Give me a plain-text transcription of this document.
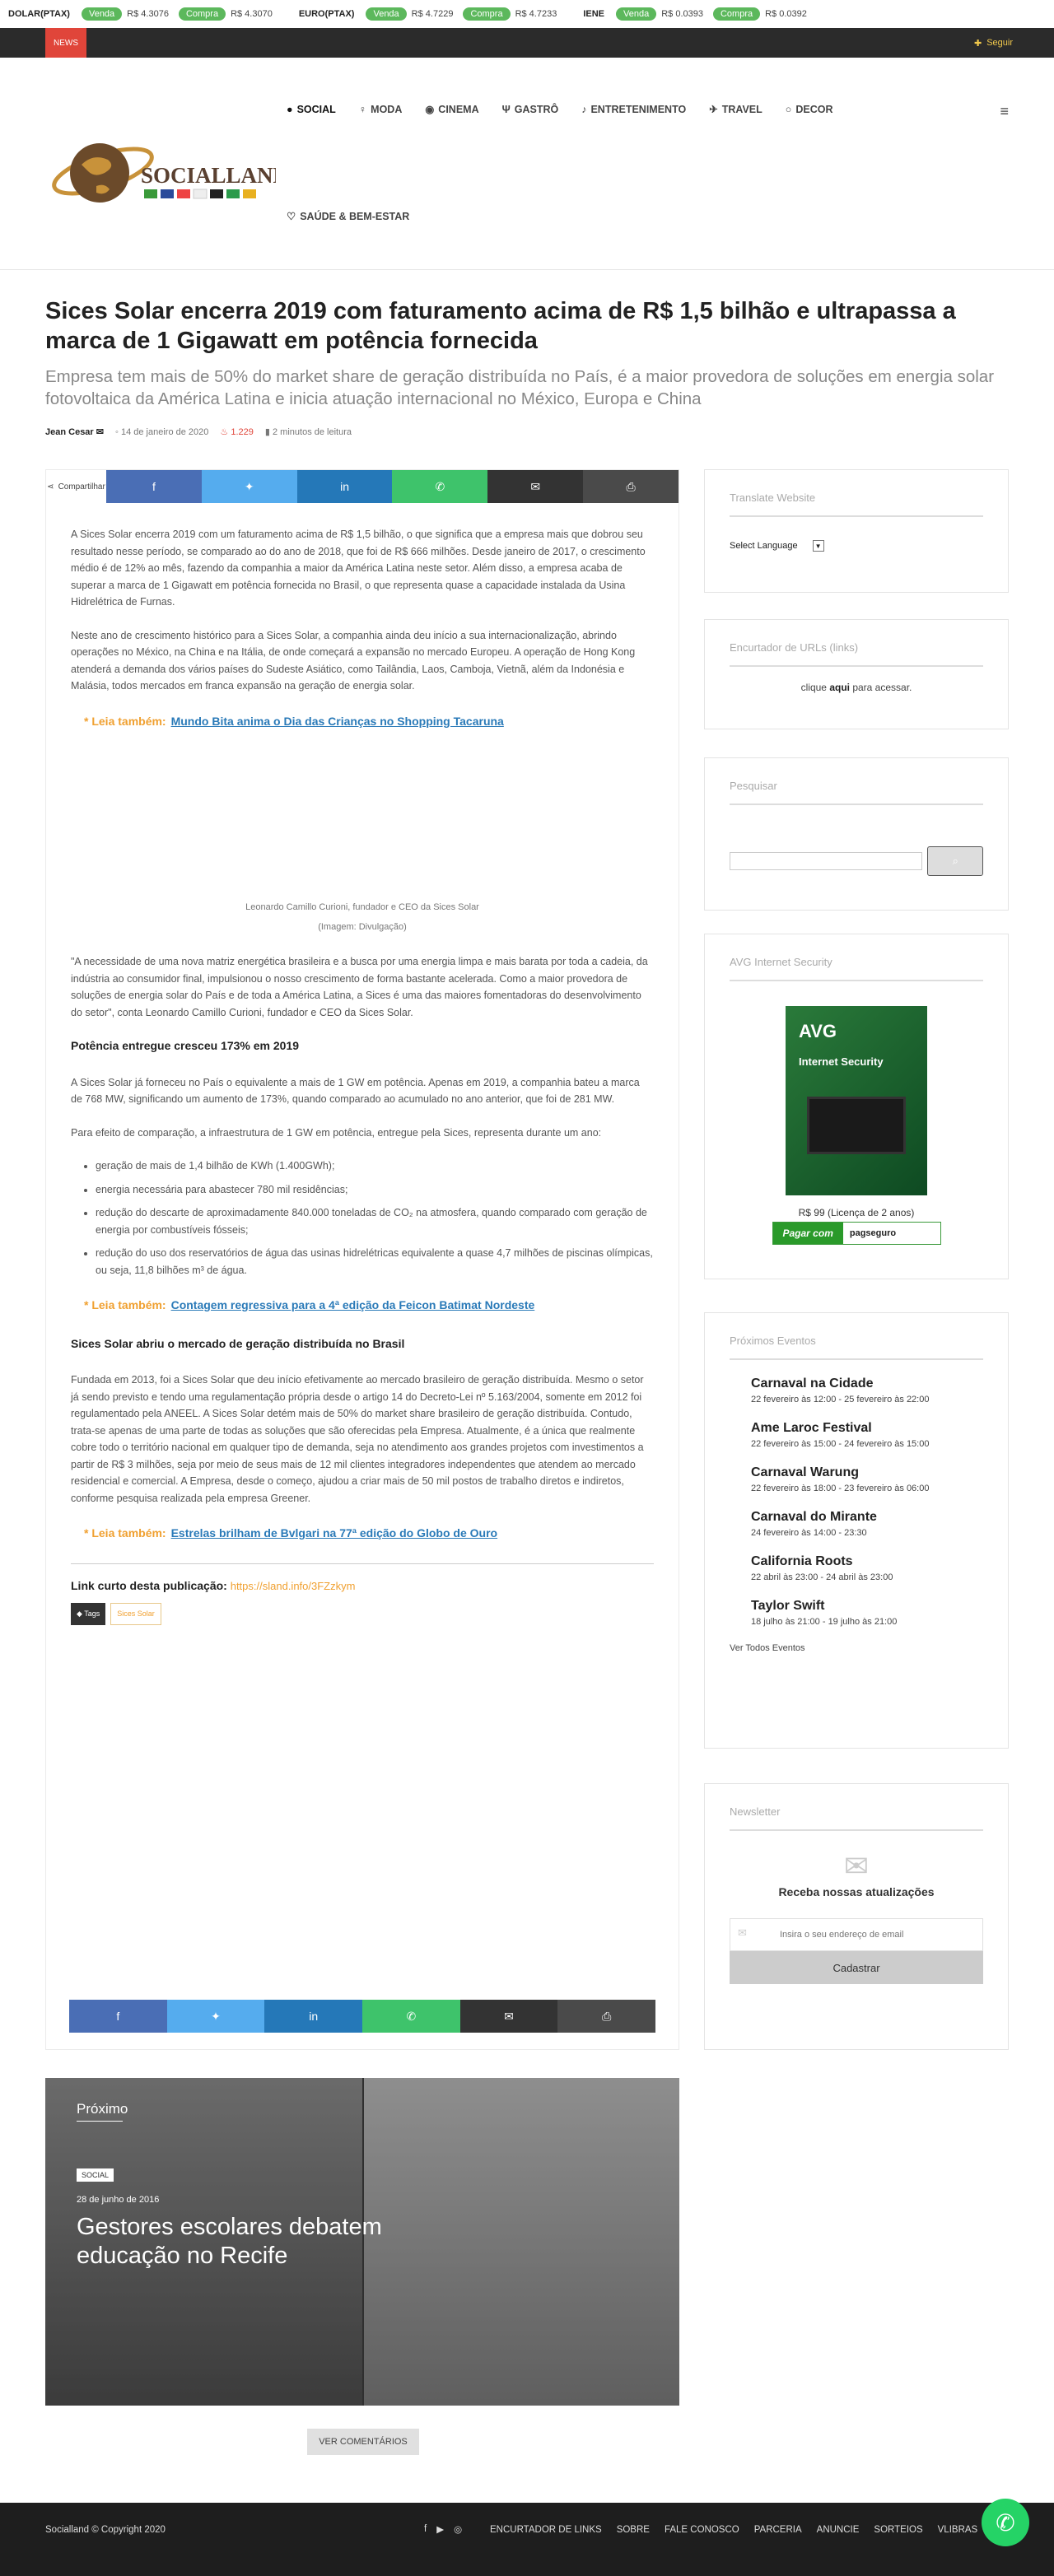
DOLAR(PTAX)	Venda	R$ 4.3076	Compra	R$ 4.3070	EURO(PTAX)	Venda	R$ 4.7229	Compra	R$ 4.7233	IENE	Venda	R$ 0.0393	Compra	R$ 0.0392
NEWS	✚ Seguir
SOCIALLAND
● SOCIAL ♀ MODA ◉ CINEMA Ψ GASTRÔ ♪ ENTRETENIMENTO ✈ TRAVEL ○ DECOR
♡ SAÚDE & BEM-ESTAR
≡
Sices Solar encerra 2019 com faturamento acima de R$ 1,5 bilhão e ultrapassa a marca de 1 Gigawatt em potência fornecida
Empresa tem mais de 50% do market share de geração distribuída no País, é a maior provedora de soluções em energia solar fotovoltaica da América Latina e inicia atuação internacional no México, Europa e China
Jean Cesar ✉ ◦ 14 de janeiro de 2020 ♨ 1.229 ▮ 2 minutos de leitura
⋖ Compartilhar	f	✦	in	✆	✉	⎙

A Sices Solar encerra 2019 com um faturamento acima de R$ 1,5 bilhão, o que significa que a empresa mais que dobrou seu resultado nesse período, se comparado ao do ano de 2018, que foi de R$ 666 milhões. Desde janeiro de 2017, o crescimento médio é de 12% ao mês, fazendo da companhia a maior da América Latina neste setor. Além disso, a empresa acaba de superar a marca de 1 Gigawatt em potência fornecida no Brasil, o que representa quase a capacidade instalada da Usina Hidrelétrica de Furnas.

Neste ano de crescimento histórico para a Sices Solar, a companhia ainda deu início a sua internacionalização, abrindo operações no México, na China e na Itália, de onde começará a expansão no mercado Europeu. A operação de Hong Kong atenderá a demanda dos vários países do Sudeste Asiático, como Tailândia, Laos, Camboja, Vietnã, além da Indonésia e Malásia, todos mercados em franca expansão na geração de energia solar.

* Leia também: Mundo Bita anima o Dia das Crianças no Shopping Tacaruna
Leonardo Camillo Curioni, fundador e CEO da Sices Solar
(Imagem: Divulgação)

"A necessidade de uma nova matriz energética brasileira e a busca por uma energia limpa e mais barata por toda a cadeia, da indústria ao consumidor final, impulsionou o nosso crescimento de forma bastante acelerada. Como a maior provedora de soluções de energia solar do País e de toda a América Latina, a Sices é uma das maiores fomentadoras do desenvolvimento do setor", conta Leonardo Camillo Curioni, fundador e CEO da Sices Solar.

Potência entregue cresceu 173% em 2019

A Sices Solar já forneceu no País o equivalente a mais de 1 GW em potência. Apenas em 2019, a companhia bateu a marca de 768 MW, significando um aumento de 173%, quando comparado ao acumulado no ano anterior, que foi de 281 MW.

Para efeito de comparação, a infraestrutura de 1 GW em potência, entregue pela Sices, representa durante um ano:

• geração de mais de 1,4 bilhão de KWh (1.400GWh);
• energia necessária para abastecer 780 mil residências;
• redução do descarte de aproximadamente 840.000 toneladas de CO₂ na atmosfera, quando comparado com geração de energia por combustíveis fósseis;
• redução do uso dos reservatórios de água das usinas hidrelétricas equivalente a quase 4,7 milhões de piscinas olímpicas, ou seja, 11,8 bilhões m³ de água.
* Leia também: Contagem regressiva para a 4ª edição da Feicon Batimat Nordeste
Sices Solar abriu o mercado de geração distribuída no Brasil

Fundada em 2013, foi a Sices Solar que deu início efetivamente ao mercado brasileiro de geração distribuída. Mesmo o setor já sendo previsto e tendo uma regulamentação própria desde o artigo 14 do Decreto-Lei nº 5.163/2004, somente em 2012 foi regulamentado pela ANEEL. A Sices Solar detém mais de 50% do market share brasileiro de geração distribuída. Contudo, trata-se apenas de uma parte de todas as soluções que são oferecidas pela Empresa. Atualmente, é a única que realmente cobre todo o território nacional em qualquer tipo de demanda, seja no atendimento aos grandes projetos com investimentos a partir de R$ 3 milhões, seja por meio de seus mais de 12 mil clientes integradores independentes que atendem ao mercado residencial e comercial. A Empresa, desde o começo, ajudou a criar mais de 50 mil postos de trabalho diretos e indiretos, conforme pesquisa realizada pela empresa Greener.

* Leia também: Estrelas brilham de Bvlgari na 77ª edição do Globo de Ouro
Link curto desta publicação: https://sland.info/3FZzkym
◆ Tags	Sices Solar
f	✦	in	✆	✉	⎙
Translate Website
Select Language	▼
Encurtador de URLs (links)
clique aqui para acessar.
Pesquisar
⌕
AVG Internet Security
AVG
Internet Security
R$ 99 (Licença de 2 anos)
Pagar com	pagseguro
Próximos Eventos
Carnaval na Cidade
22 fevereiro às 12:00 - 25 fevereiro às 22:00
Ame Laroc Festival
22 fevereiro às 15:00 - 24 fevereiro às 15:00
Carnaval Warung
22 fevereiro às 18:00 - 23 fevereiro às 06:00
Carnaval do Mirante
24 fevereiro às 14:00 - 23:30
California Roots
22 abril às 23:00 - 24 abril às 23:00
Taylor Swift
18 julho às 21:00 - 19 julho às 21:00
Ver Todos Eventos
Newsletter
✉
Receba nossas atualizações
✉
Insira o seu endereço de email
Cadastrar
Próximo
SOCIAL
28 de junho de 2016
Gestores escolares debatem educação no Recife
VER COMENTÁRIOS
Socialland © Copyright 2020	f ▶ ◎	ENCURTADOR DE LINKS SOBRE FALE CONOSCO PARCERIA ANUNCIE SORTEIOS VLIBRAS ✆
